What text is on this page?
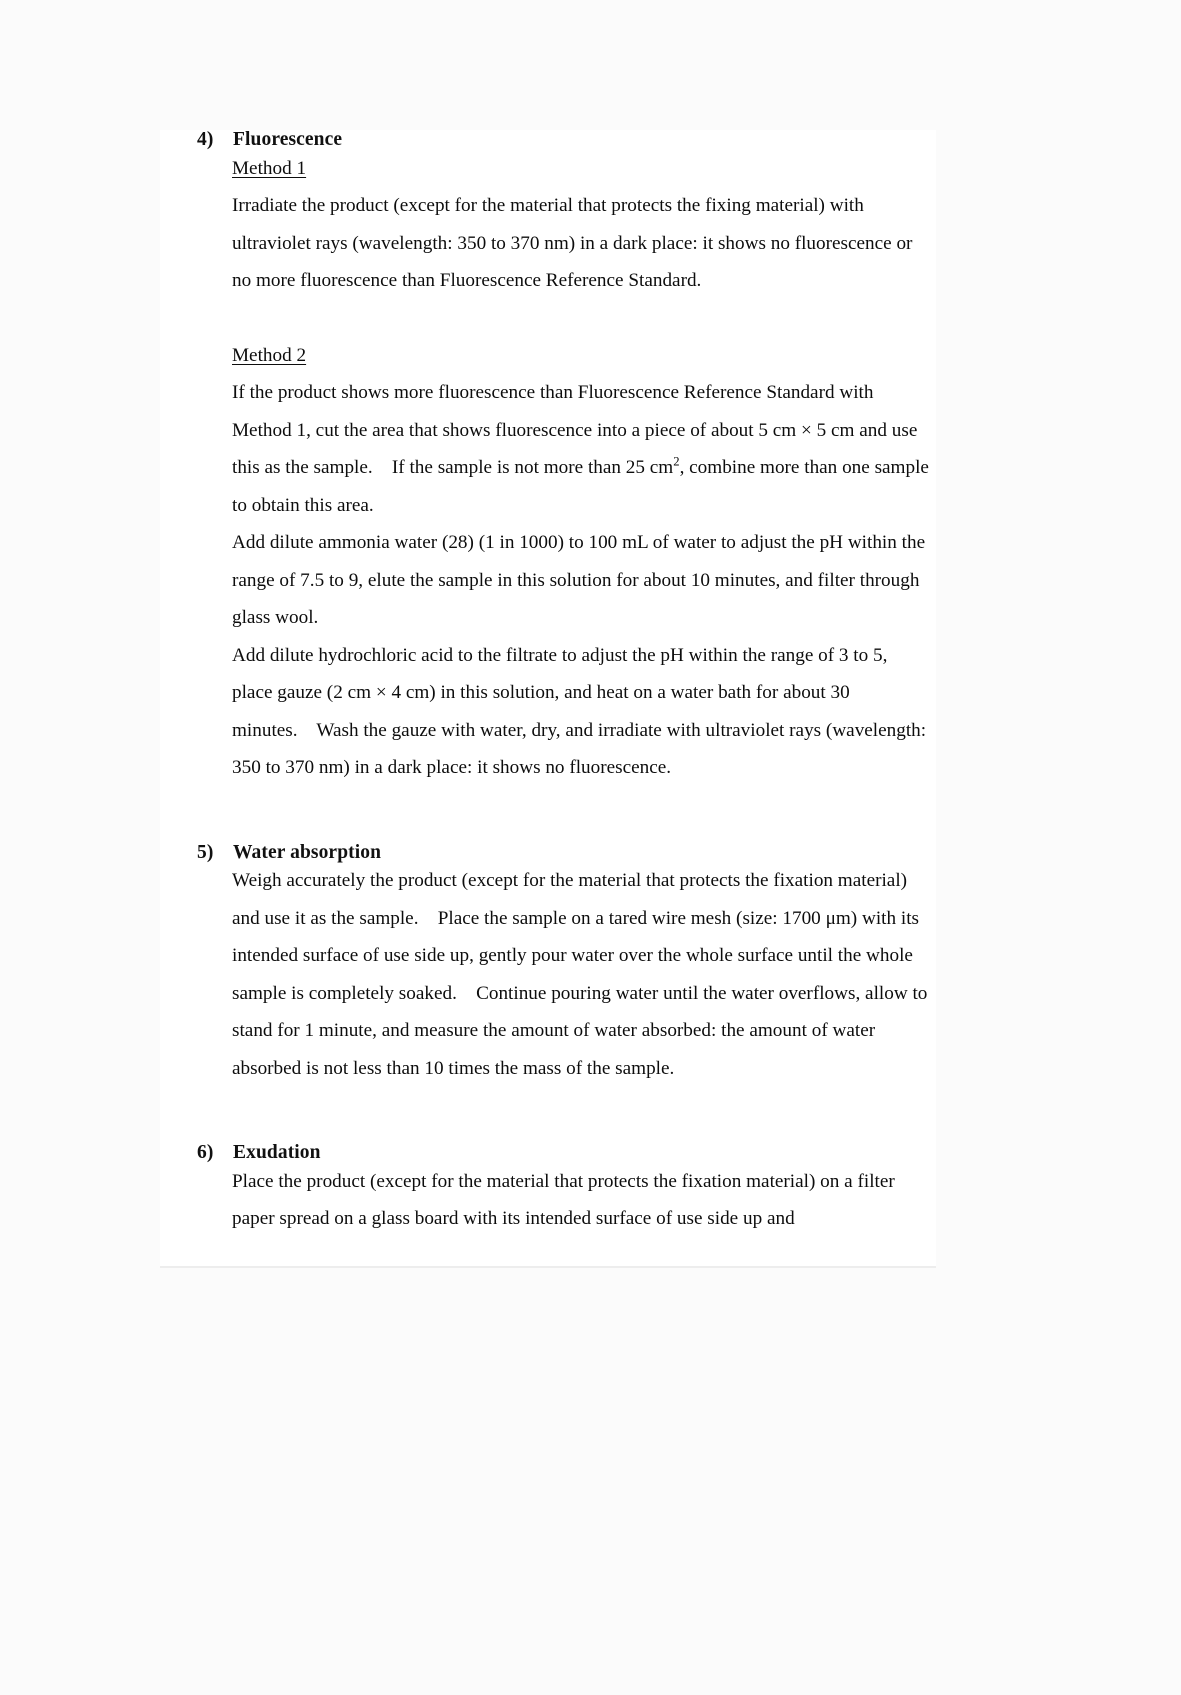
4)	Fluorescence
Method 1

Irradiate the product (except for the material that protects the fixing material) with ultraviolet rays (wavelength: 350 to 370 nm) in a dark place: it shows no fluorescence or no more fluorescence than Fluorescence Reference Standard.

Method 2

If the product shows more fluorescence than Fluorescence Reference Standard with Method 1, cut the area that shows fluorescence into a piece of about 5 cm × 5 cm and use this as the sample. If the sample is not more than 25 $cm^2$, combine more than one sample to obtain this area.

Add dilute ammonia water (28) (1 in 1000) to 100 mL of water to adjust the pH within the range of 7.5 to 9, elute the sample in this solution for about 10 minutes, and filter through glass wool.

Add dilute hydrochloric acid to the filtrate to adjust the pH within the range of 3 to 5, place gauze (2 cm × 4 cm) in this solution, and heat on a water bath for about 30 minutes. Wash the gauze with water, dry, and irradiate with ultraviolet rays (wavelength: 350 to 370 nm) in a dark place: it shows no fluorescence.

5)	Water absorption

Weigh accurately the product (except for the material that protects the fixation material) and use it as the sample. Place the sample on a tared wire mesh (size: 1700 μm) with its intended surface of use side up, gently pour water over the whole surface until the whole sample is completely soaked. Continue pouring water until the water overflows, allow to stand for 1 minute, and measure the amount of water absorbed: the amount of water absorbed is not less than 10 times the mass of the sample.

6)	Exudation

Place the product (except for the material that protects the fixation material) on a filter paper spread on a glass board with its intended surface of use side up and
